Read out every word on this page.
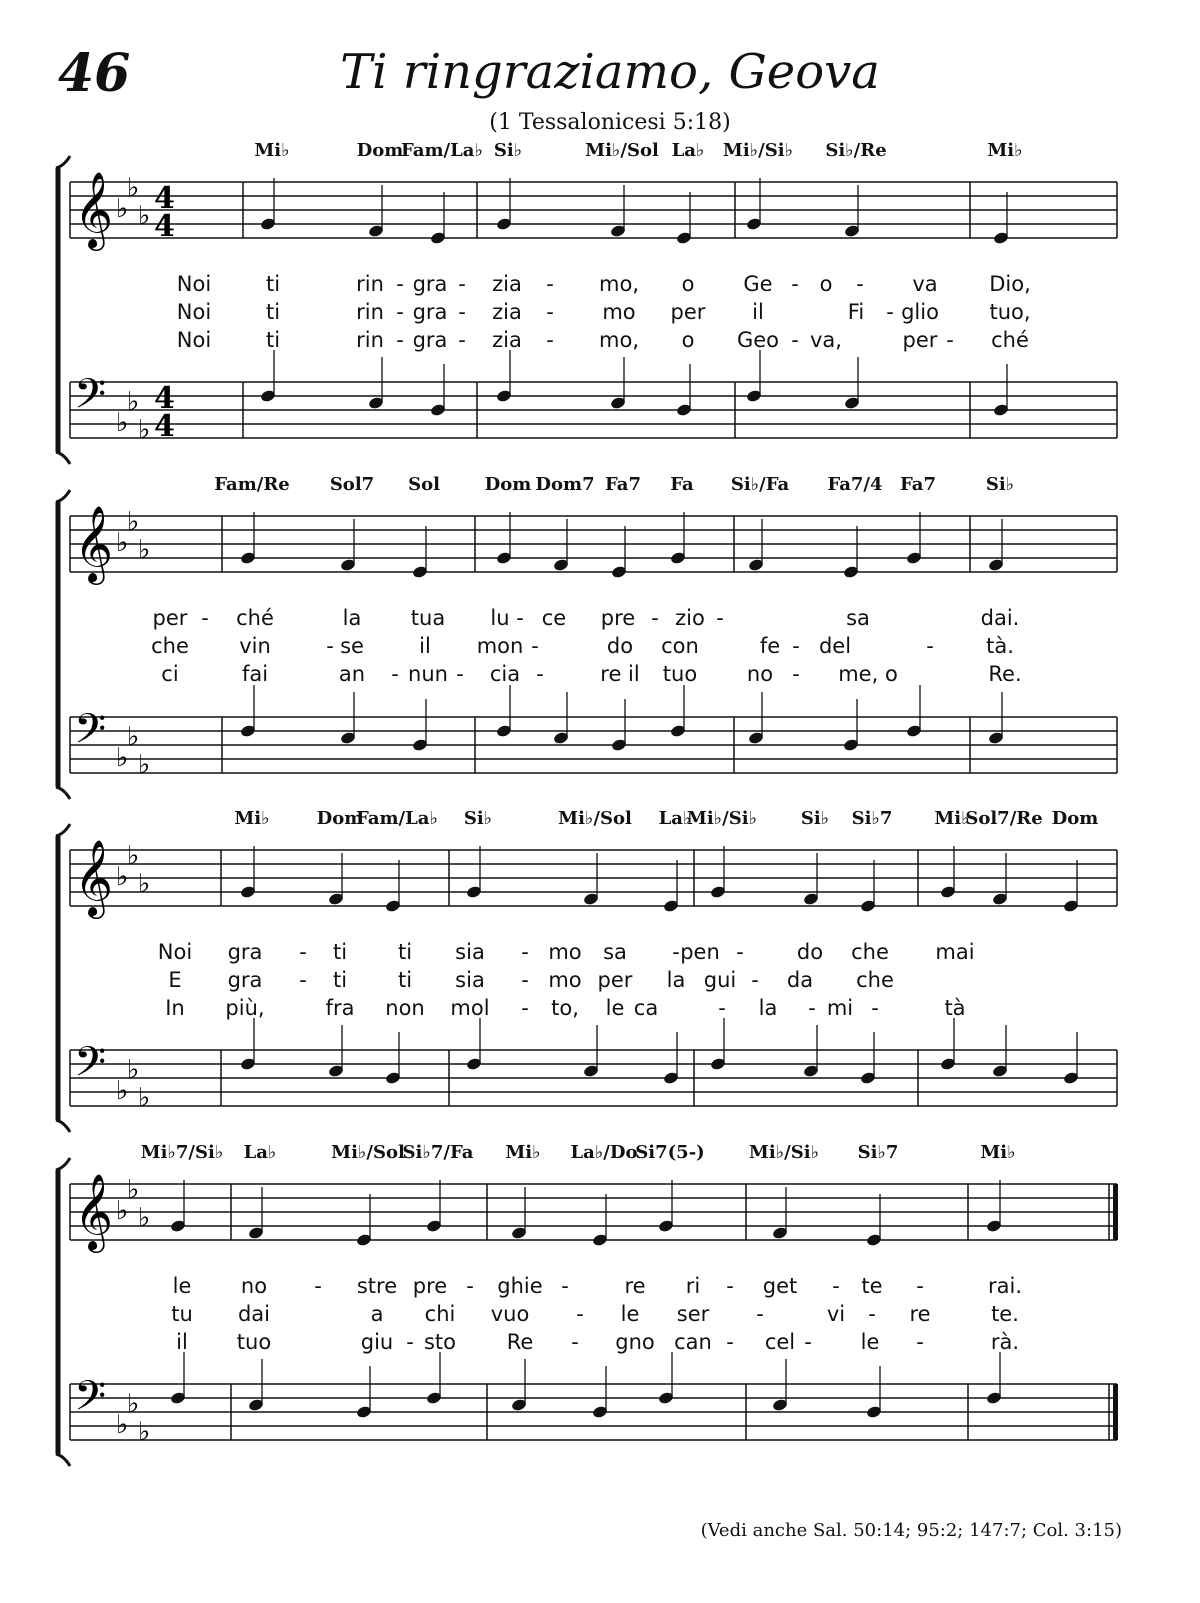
46	Ti ringraziamo, Geova
(1 Tessalonicesi 5:18)
𝄞 ♭
♭
♭ 4
4
𝄢 ♭
♭
♭
4
4
𝄞 ♭
♭
♭
𝄢 ♭
♭
♭
𝄞 ♭
♭
♭
𝄢 ♭
♭
♭
𝄞 ♭
♭
♭
𝄢 ♭
♭
♭
Mi♭	Dom
Fam/La♭ Si♭	Mi♭/Sol La♭ Mi♭/Si♭ Si♭/Re	Mi♭
Noi	ti	rin - gra - zia - mo, o Ge - o - va Dio,
Noi	ti	rin - gra - zia - mo per il	Fi - glio tuo,
Noi	ti	rin - gra - zia - mo, o Geo - va,	per - ché
Fam/Re Sol7 Sol Dom Dom7 Fa7 Fa Si♭/Fa Fa7/4 Fa7	Si♭
per - ché	la tua lu - ce pre - zio -	sa	dai.
che vin	- se	il mon -	do con	fe - del	- tà.
ci	fai	an - nun - cia -	re il tuo no - me, o	Re.
Mi♭	Dom
Fam/La♭ Si♭	Mi♭/Sol La♭
Mi♭/Si♭ Si♭ Si♭7 Mi♭
Sol7/Re Dom
Noi gra - ti ti sia - mo sa - pen -	do che mai
E gra - ti ti sia - mo per la gui - da che
In più,	fra non mol - to, le ca	- la - mi -	tà
Mi♭7/Si♭ La♭	Mi♭/Sol
Si♭7/Fa Mi♭ La♭/Do
Si7(5-) Mi♭/Si♭ Si♭7	Mi♭
le no - stre pre - ghie -	re ri - get - te -	rai.
tu dai	a chi vuo - le ser -	vi - re	te.
il tuo	giu - sto Re - gno can - cel - le -	rà.
(Vedi anche Sal. 50:14; 95:2; 147:7; Col. 3:15)
